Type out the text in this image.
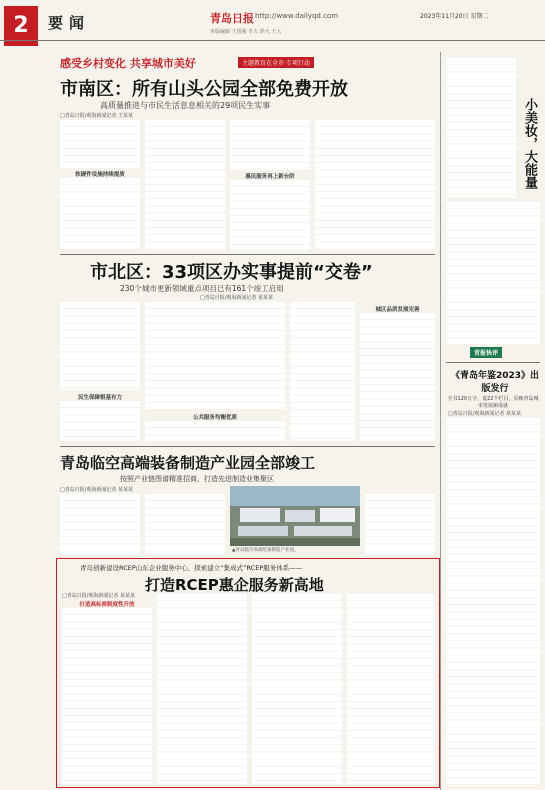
2	要闻	青岛日报 http://www.dailyqd.com	2023年11月20日 星期二
本版编辑 王国强 李大 徐大 王大
感受乡村变化 共享城市美好	主题教育在全市·专项行动
市南区：所有山头公园全部免费开放
高质量推进与市民生活息息相关的29项民生实事
□青岛日报/观海新闻记者 王某某
软硬件设施持续提质	惠民服务再上新台阶
市北区：33项区办实事提前“交卷”
230个城市更新领域重点项目已有161个竣工启用
□青岛日报/观海新闻记者 某某某
民生保障根基有力
公共服务均衡优质
城区品质发展完善
青岛临空高端装备制造产业园全部竣工
按照产业链图谱精准招商，打造先进制造业集聚区
□青岛日报/观海新闻记者 某某某
▲青岛临空高端装备制造产业园。
青岛创新建设RCEP山东企业服务中心，探索建立“集成式”RCEP服务体系——
打造RCEP惠企服务新高地
□青岛日报/观海新闻记者 某某某
打造高标准制度性开放
小美妆，大能量
青报快评
《青岛年鉴2023》出版发行
全书120万字，设22个栏目，反映青岛城市发展新成就
□青岛日报/观海新闻记者 某某某
